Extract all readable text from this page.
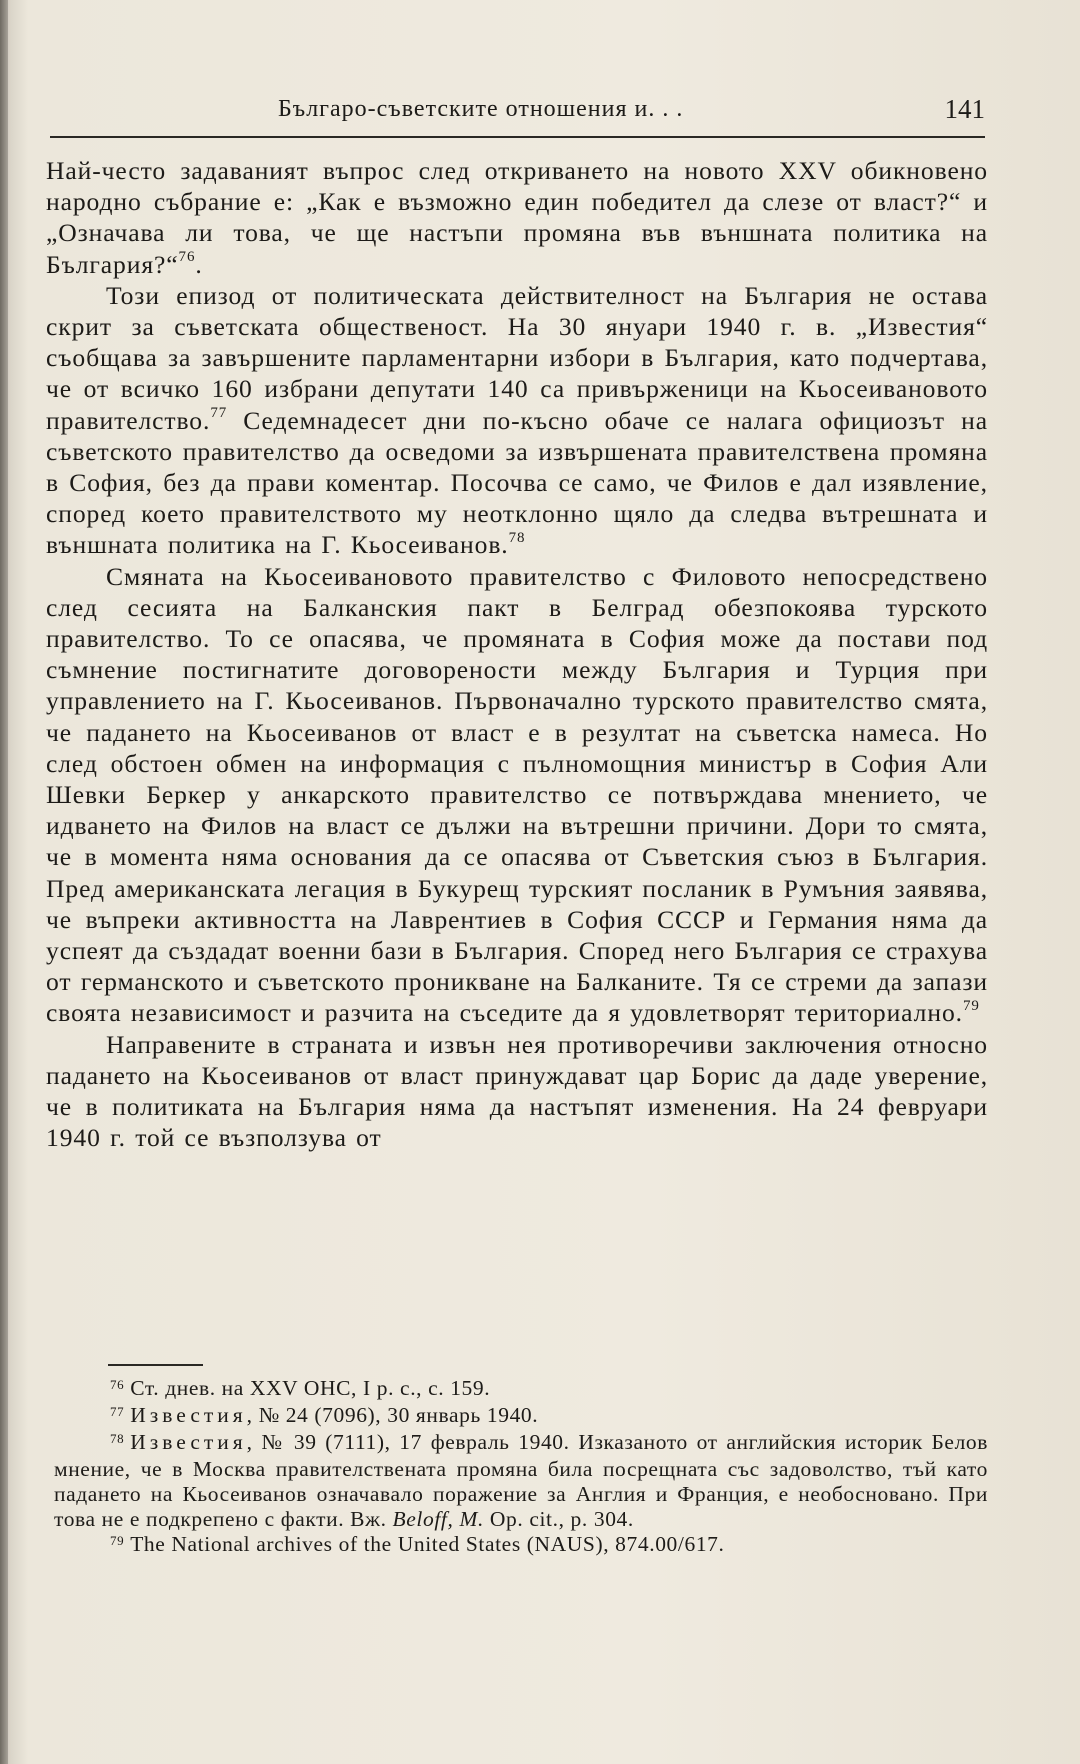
Българо-съветските отношения и. . .	141

Най-често задаваният въпрос след откриването на новото XXV обикновено народно събрание е: „Как е възможно един победител да слезе от власт?“ и „Означава ли това, че ще настъпи промяна във външната политика на България?“$^{76}$.

Този епизод от политическата действителност на България не остава скрит за съветската общественост. На 30 януари 1940 г. в. „Известия“ съобщава за завършените парламентарни избори в България, като подчертава, че от всичко 160 избрани депутати 140 са привърженици на Кьосеивановото правителство.$^{77}$ Седемнадесет дни по-късно обаче се налага официозът на съветското правителство да осведоми за извършената правителствена промяна в София, без да прави коментар. Посочва се само, че Филов е дал изявление, според което правителството му неотклонно щяло да следва вътрешната и външната политика на Г. Кьосеиванов.$^{78}$

Смяната на Кьосеивановото правителство с Филовото непосредствено след сесията на Балканския пакт в Белград обезпокоява турското правителство. То се опасява, че промяната в София може да постави под съмнение постигнатите договорености между България и Турция при управлението на Г. Кьосеиванов. Първоначално турското правителство смята, че падането на Кьосеиванов от власт е в резултат на съветска намеса. Но след обстоен обмен на информация с пълномощния министър в София Али Шевки Беркер у анкарското правителство се потвърждава мнението, че идването на Филов на власт се дължи на вътрешни причини. Дори то смята, че в момента няма основания да се опасява от Съветския съюз в България. Пред американската легация в Букурещ турският посланик в Румъния заявява, че въпреки активността на Лаврентиев в София СССР и Германия няма да успеят да създадат военни бази в България. Според него България се страхува от германското и съветското проникване на Балканите. Тя се стреми да запази своята независимост и разчита на съседите да я удовлетворят териториално.$^{79}$

Направените в страната и извън нея противоречиви заключения относно падането на Кьосеиванов от власт принуждават цар Борис да даде уверение, че в политиката на България няма да настъпят изменения. На 24 февруари 1940 г. той се възползува от

$^{76}$ Ст. днев. на XXV ОНС, I р. с., с. 159.

$^{77}$ Известия, № 24 (7096), 30 январь 1940.

$^{78}$ Известия, № 39 (7111), 17 февраль 1940. Изказаното от английския историк Белов мнение, че в Москва правителствената промяна била посрещната със задоволство, тъй като падането на Кьосеиванов означавало поражение за Англия и Франция, е необосновано. При това не е подкрепено с факти. Вж. Beloff, M. Op. cit., p. 304.

$^{79}$ The National archives of the United States (NAUS), 874.00/617.
